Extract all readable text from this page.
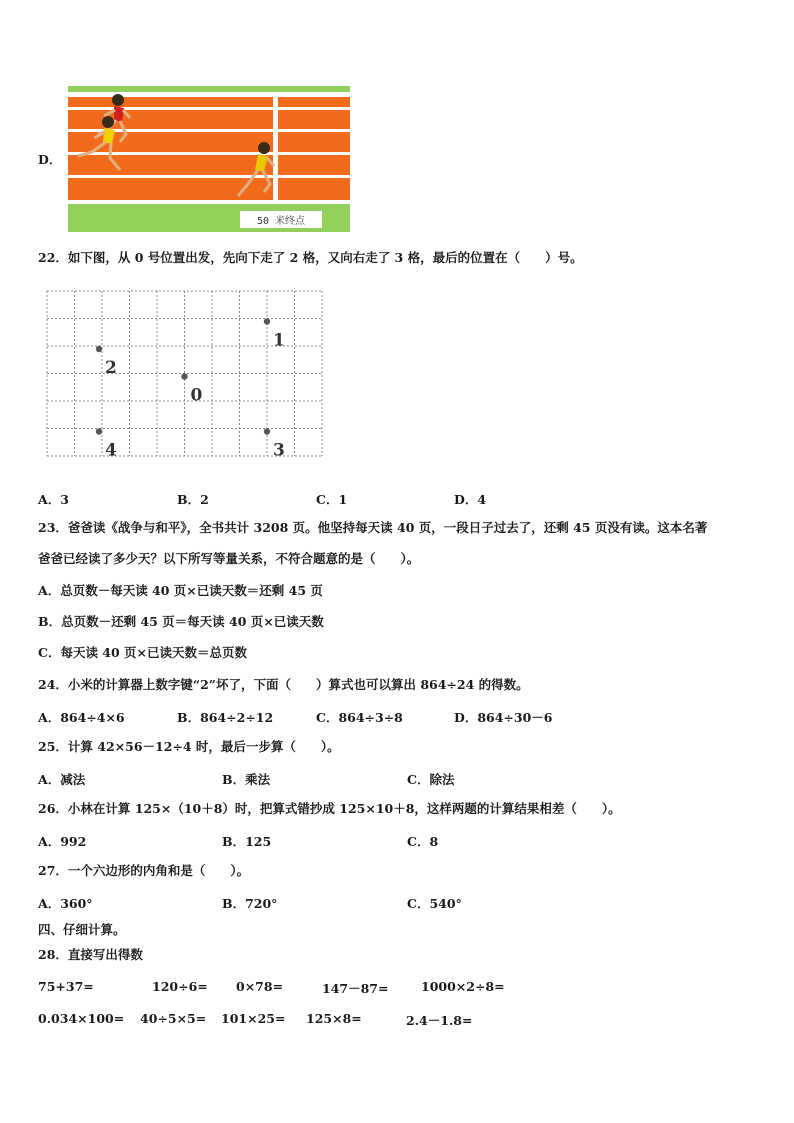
D．
50 米终点
22．如下图，从 0 号位置出发，先向下走了 2 格，又向右走了 3 格，最后的位置在（　　）号。
1
2
0
4	3
A．3	B．2	C．1	D．4
23．爸爸读《战争与和平》，全书共计 3208 页。他坚持每天读 40 页，一段日子过去了，还剩 45 页没有读。这本名著
爸爸已经读了多少天？以下所写等量关系，不符合题意的是（　　）。
A．总页数－每天读 40 页×已读天数＝还剩 45 页
B．总页数－还剩 45 页＝每天读 40 页×已读天数
C．每天读 40 页×已读天数＝总页数
24．小米的计算器上数字键“2”坏了，下面（　　）算式也可以算出 864÷24 的得数。
A．864÷4×6	B．864÷2÷12	C．864÷3÷8	D．864÷30－6
25．计算 42×56－12÷4 时，最后一步算（　　）。
A．减法	B．乘法	C．除法
26．小林在计算 125×（10＋8）时，把算式错抄成 125×10＋8，这样两题的计算结果相差（　　）。
A．992	B．125	C．8
27．一个六边形的内角和是（　　）。
A．360°	B．720°	C．540°
四、仔细计算。
28．直接写出得数
75+37=	120÷6= 0×78=	147－87=	1000×2÷8=
0.034×100= 40÷5×5= 101×25= 125×8=	2.4－1.8=
